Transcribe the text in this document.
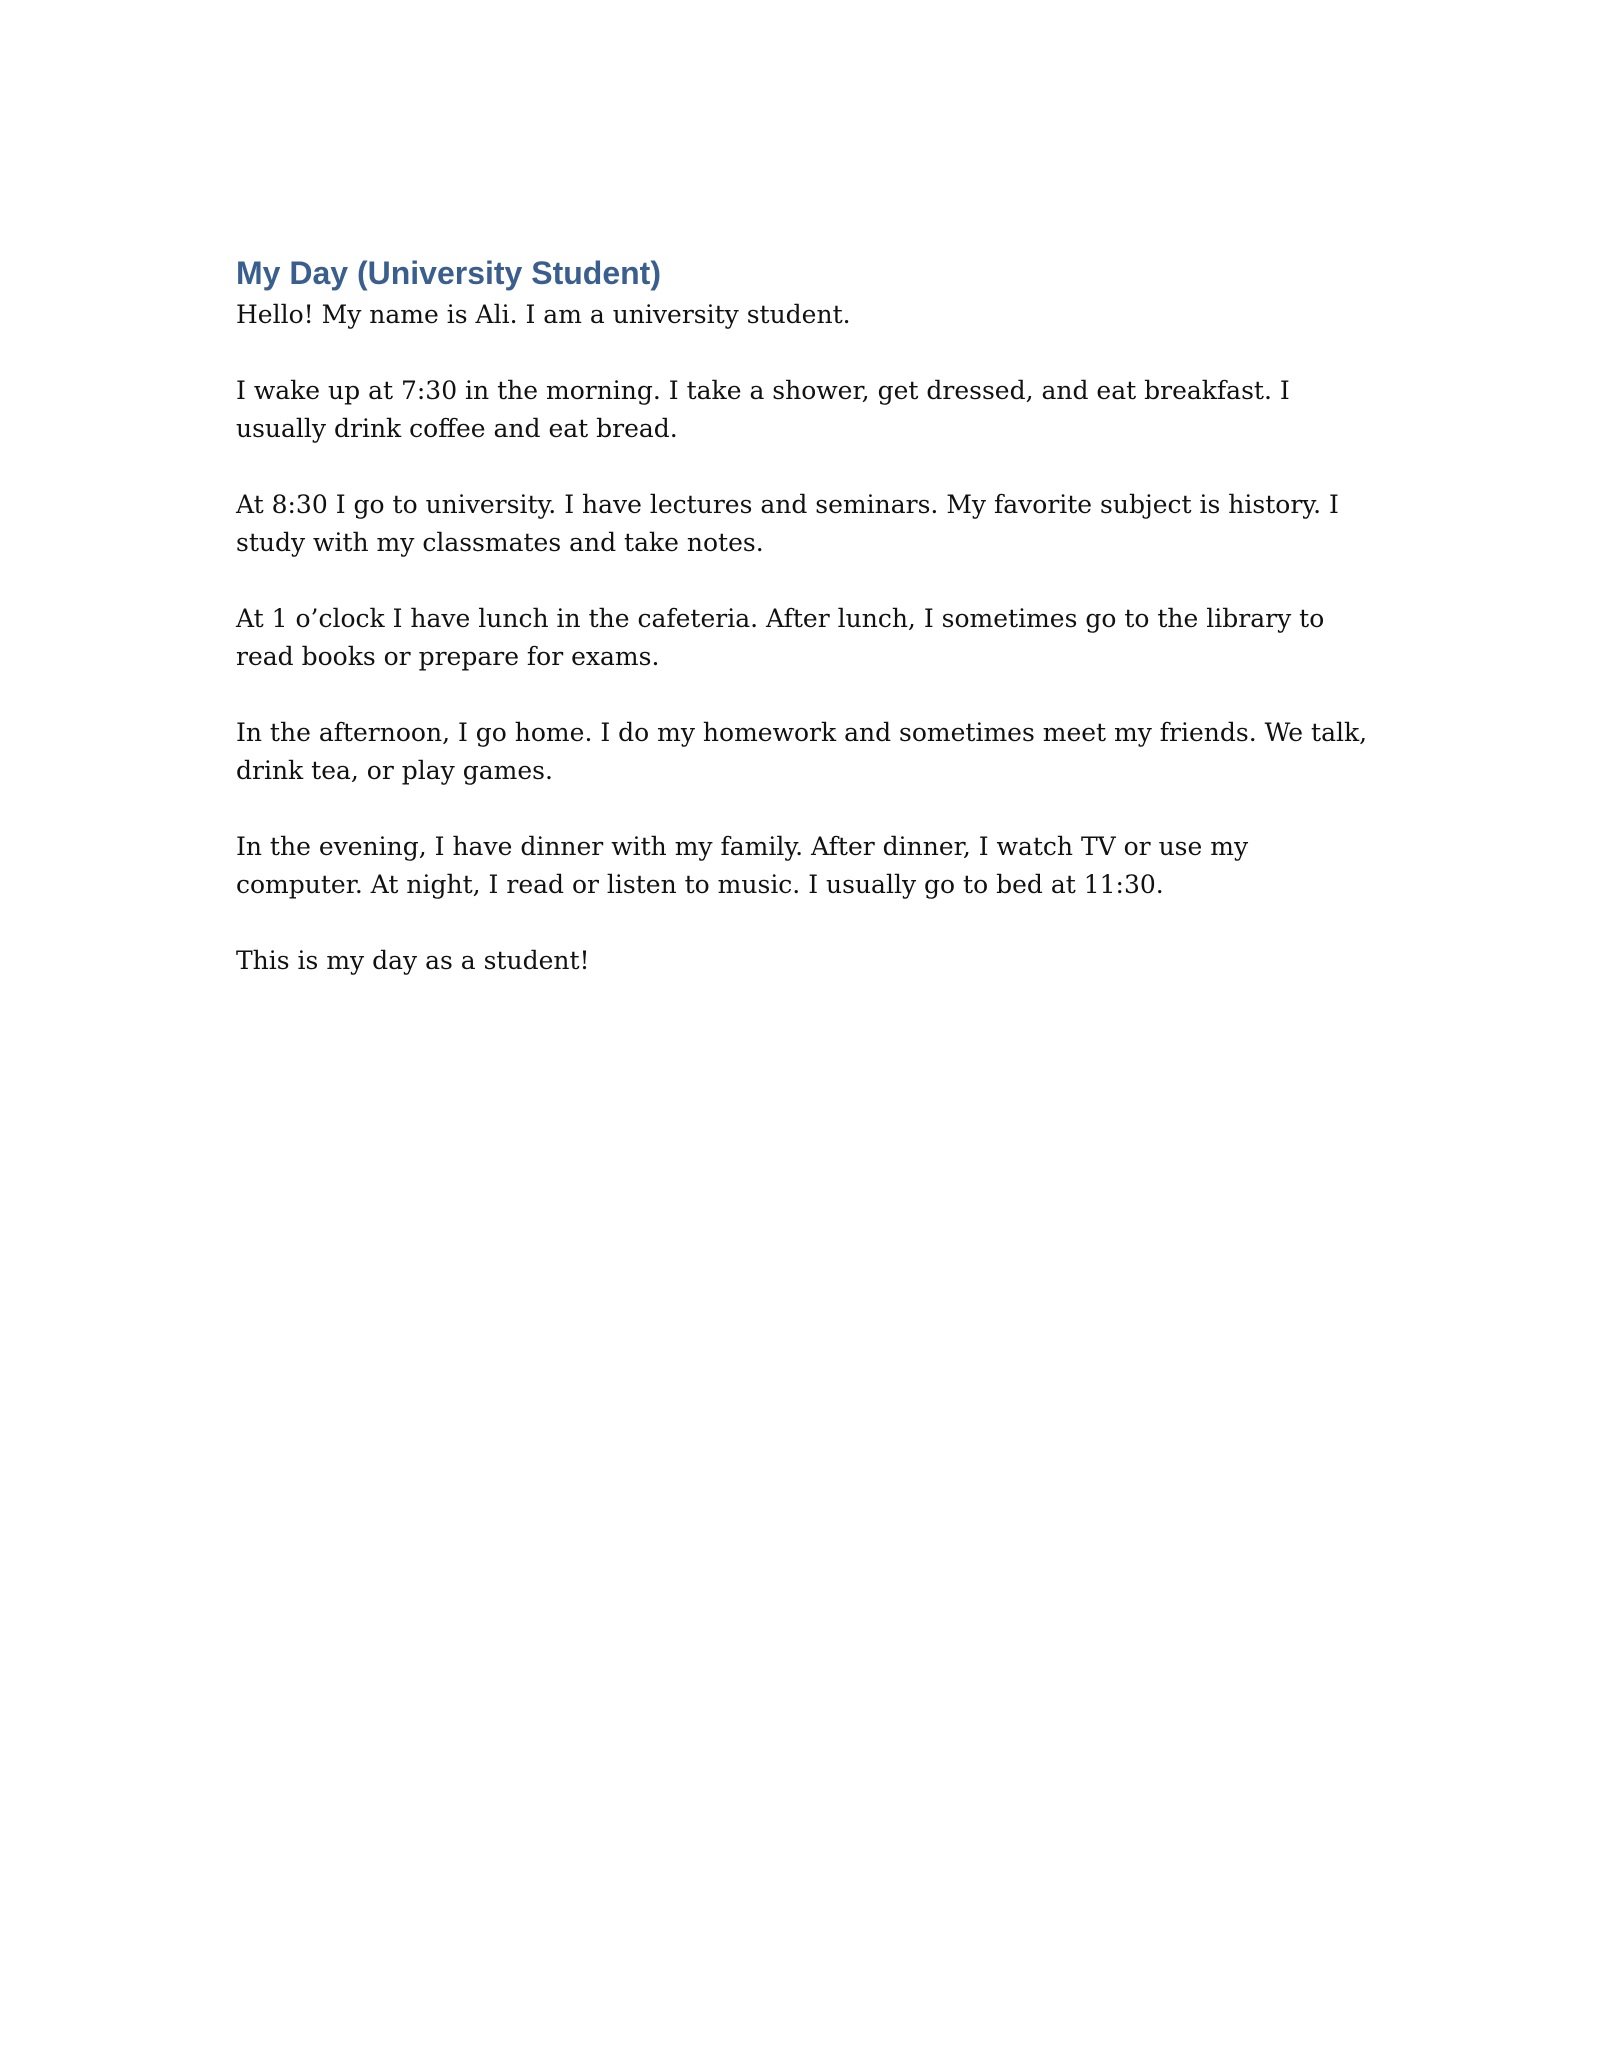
My Day (University Student)

Hello! My name is Ali. I am a university student.

I wake up at 7:30 in the morning. I take a shower, get dressed, and eat breakfast. I usually drink coffee and eat bread.

At 8:30 I go to university. I have lectures and seminars. My favorite subject is history. I study with my classmates and take notes.

At 1 o’clock I have lunch in the cafeteria. After lunch, I sometimes go to the library to read books or prepare for exams.

In the afternoon, I go home. I do my homework and sometimes meet my friends. We talk, drink tea, or play games.

In the evening, I have dinner with my family. After dinner, I watch TV or use my computer. At night, I read or listen to music. I usually go to bed at 11:30.

This is my day as a student!
